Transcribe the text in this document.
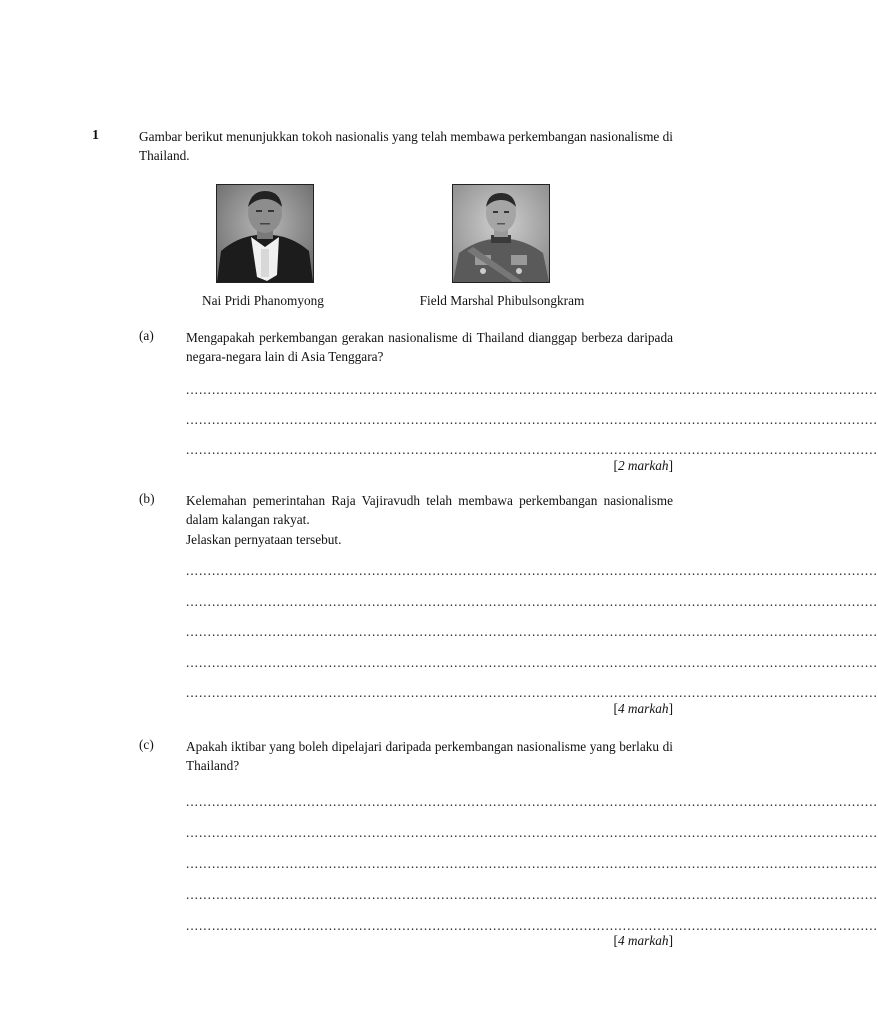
1	Gambar berikut menunjukkan tokoh nasionalis yang telah membawa perkembangan nasionalisme di Thailand.
Nai Pridi Phanomyong	Field Marshal Phibulsongkram
(a) Mengapakah perkembangan gerakan nasionalisme di Thailand dianggap berbeza daripada negara-negara lain di Asia Tenggara?
................................................................................................................................................................
................................................................................................................................................................
................................................................................................................................................................
[2 markah]
(b) Kelemahan pemerintahan Raja Vajiravudh telah membawa perkembangan nasionalisme dalam kalangan rakyat.
Jelaskan pernyataan tersebut.
................................................................................................................................................................
................................................................................................................................................................
................................................................................................................................................................
................................................................................................................................................................
................................................................................................................................................................
[4 markah]
(c) Apakah iktibar yang boleh dipelajari daripada perkembangan nasionalisme yang berlaku di Thailand?
................................................................................................................................................................
................................................................................................................................................................
................................................................................................................................................................
................................................................................................................................................................
................................................................................................................................................................
[4 markah]
